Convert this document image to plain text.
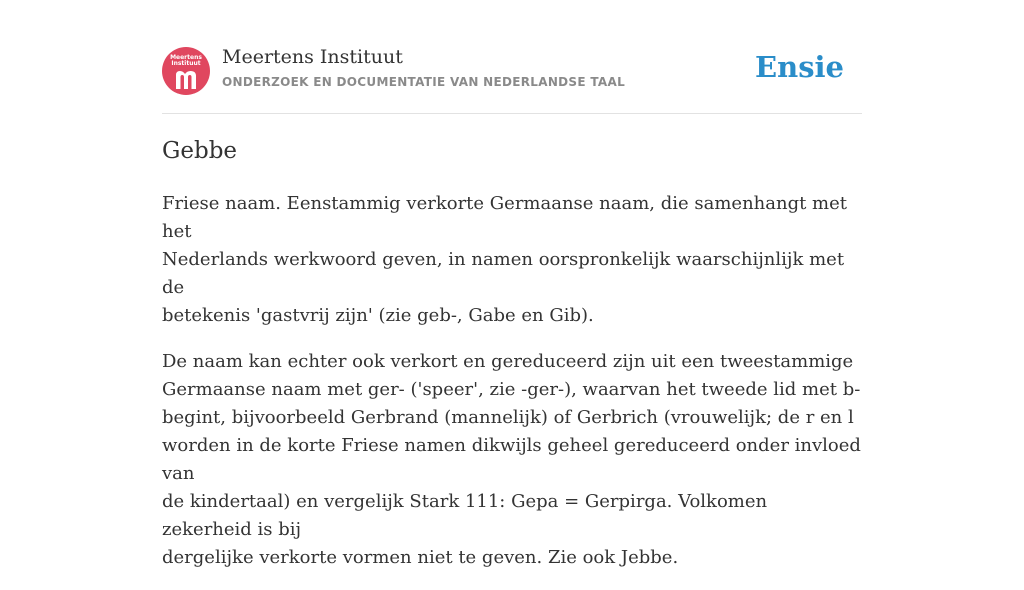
Meertens
Instituut	Meertens Instituut
ONDERZOEK EN DOCUMENTATIE VAN NEDERLANDSE TAAL	Ensie
Gebbe

Friese naam. Eenstammig verkorte Germaanse naam, die samenhangt met het
Nederlands werkwoord geven, in namen oorspronkelijk waarschijnlijk met de
betekenis 'gastvrij zijn' (zie geb-, Gabe en Gib).

De naam kan echter ook verkort en gereduceerd zijn uit een tweestammige
Germaanse naam met ger- ('speer', zie -ger-), waarvan het tweede lid met b-
begint, bijvoorbeeld Gerbrand (mannelijk) of Gerbrich (vrouwelijk; de r en l
worden in de korte Friese namen dikwijls geheel gereduceerd onder invloed van
de kindertaal) en vergelijk Stark 111: Gepa = Gerpirga. Volkomen zekerheid is bij
dergelijke verkorte vormen niet te geven. Zie ook Jebbe.
